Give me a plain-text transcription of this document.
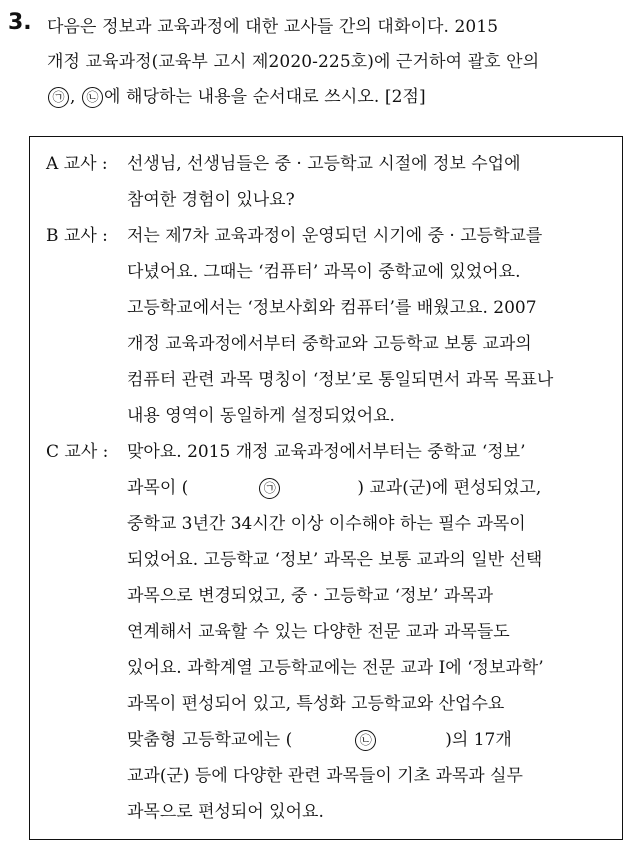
3. 다음은 정보과 교육과정에 대한 교사들 간의 대화이다. 2015
개정 교육과정(교육부 고시 제2020-225호)에 근거하여 괄호 안의
㉠ , ㉡ 에 해당하는 내용을 순서대로 쓰시오. [2점]
A 교사 : 선생님, 선생님들은 중 · 고등학교 시절에 정보 수업에
참여한 경험이 있나요?
B 교사 : 저는 제7차 교육과정이 운영되던 시기에 중 · 고등학교를
다녔어요. 그때는 ‘컴퓨터’ 과목이 중학교에 있었어요.
고등학교에서는 ‘정보사회와 컴퓨터’를 배웠고요. 2007
개정 교육과정에서부터 중학교와 고등학교 보통 교과의
컴퓨터 관련 과목 명칭이 ‘정보’로 통일되면서 과목 목표나
내용 영역이 동일하게 설정되었어요.
C 교사 : 맞아요. 2015 개정 교육과정에서부터는 중학교 ‘정보’
과목이 (	㉠	) 교과(군)에 편성되었고,
중학교 3년간 34시간 이상 이수해야 하는 필수 과목이
되었어요. 고등학교 ‘정보’ 과목은 보통 교과의 일반 선택
과목으로 변경되었고, 중 · 고등학교 ‘정보’ 과목과
연계해서 교육할 수 있는 다양한 전문 교과 과목들도
있어요. 과학계열 고등학교에는 전문 교과 Ⅰ에 ‘정보과학’
과목이 편성되어 있고, 특성화 고등학교와 산업수요
맞춤형 고등학교에는 (	㉡	)의 17개
교과(군) 등에 다양한 관련 과목들이 기초 과목과 실무
과목으로 편성되어 있어요.
